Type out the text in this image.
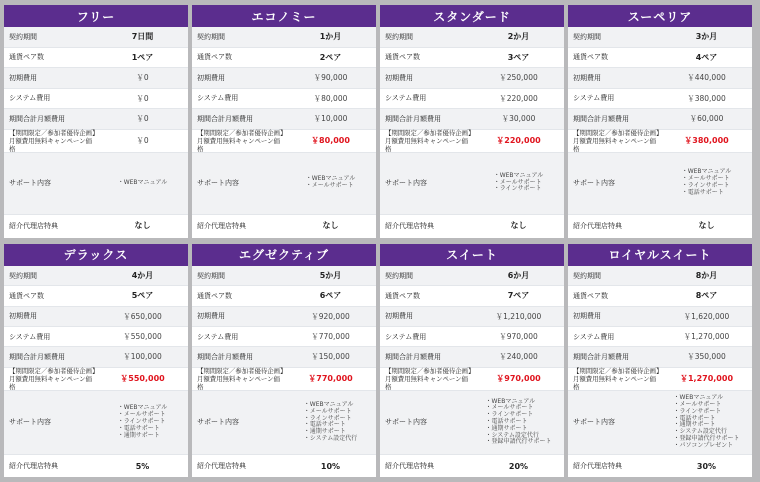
フリー
契約期間	7日間
通貨ペア数	1ペア
初期費用	￥0
システム費用	￥0
期間合計月額費用	￥0
【期間限定／参加者優待企画】
月額費用無料キャンペーン価格
￥0
サポート内容	・WEBマニュアル
紹介代理店特典	なし
エコノミー
契約期間	1か月
通貨ペア数	2ペア
初期費用	￥90,000
システム費用	￥80,000
期間合計月額費用	￥10,000
【期間限定／参加者優待企画】
月額費用無料キャンペーン価格
￥80,000
サポート内容
・WEBマニュアル
・メールサポート
紹介代理店特典	なし
スタンダード
契約期間	2か月
通貨ペア数	3ペア
初期費用	￥250,000
システム費用	￥220,000
期間合計月額費用	￥30,000
【期間限定／参加者優待企画】
月額費用無料キャンペーン価格
￥220,000
サポート内容
・WEBマニュアル
・メールサポート
・ラインサポート
紹介代理店特典	なし
スーペリア
契約期間	3か月
通貨ペア数	4ペア
初期費用	￥440,000
システム費用	￥380,000
期間合計月額費用	￥60,000
【期間限定／参加者優待企画】
月額費用無料キャンペーン価格
￥380,000
サポート内容
・WEBマニュアル
・メールサポート
・ラインサポート
・電話サポート
紹介代理店特典	なし
デラックス
契約期間	4か月
通貨ペア数	5ペア
初期費用	￥650,000
システム費用	￥550,000
期間合計月額費用	￥100,000
【期間限定／参加者優待企画】
月額費用無料キャンペーン価格
￥550,000
サポート内容
・WEBマニュアル
・メールサポート
・ラインサポート
・電話サポート
・通期サポート
紹介代理店特典	5%
エグゼクティブ
契約期間	5か月
通貨ペア数	6ペア
初期費用	￥920,000
システム費用	￥770,000
期間合計月額費用	￥150,000
【期間限定／参加者優待企画】
月額費用無料キャンペーン価格
￥770,000
サポート内容
・WEBマニュアル
・メールサポート
・ラインサポート
・電話サポート
・通期サポート
・システム設定代行
紹介代理店特典	10%
スイート
契約期間	6か月
通貨ペア数	7ペア
初期費用	￥1,210,000
システム費用	￥970,000
期間合計月額費用	￥240,000
【期間限定／参加者優待企画】
月額費用無料キャンペーン価格
￥970,000
サポート内容
・WEBマニュアル
・メールサポート
・ラインサポート
・電話サポート
・通期サポート
・システム設定代行
・登録申請代行サポート
紹介代理店特典	20%
ロイヤルスイート
契約期間	8か月
通貨ペア数	8ペア
初期費用	￥1,620,000
システム費用	￥1,270,000
期間合計月額費用	￥350,000
【期間限定／参加者優待企画】
月額費用無料キャンペーン価格
￥1,270,000
サポート内容
・WEBマニュアル
・メールサポート
・ラインサポート
・電話サポート
・通期サポート
・システム設定代行
・登録申請代行サポート
・パソコンプレゼント
紹介代理店特典	30%
